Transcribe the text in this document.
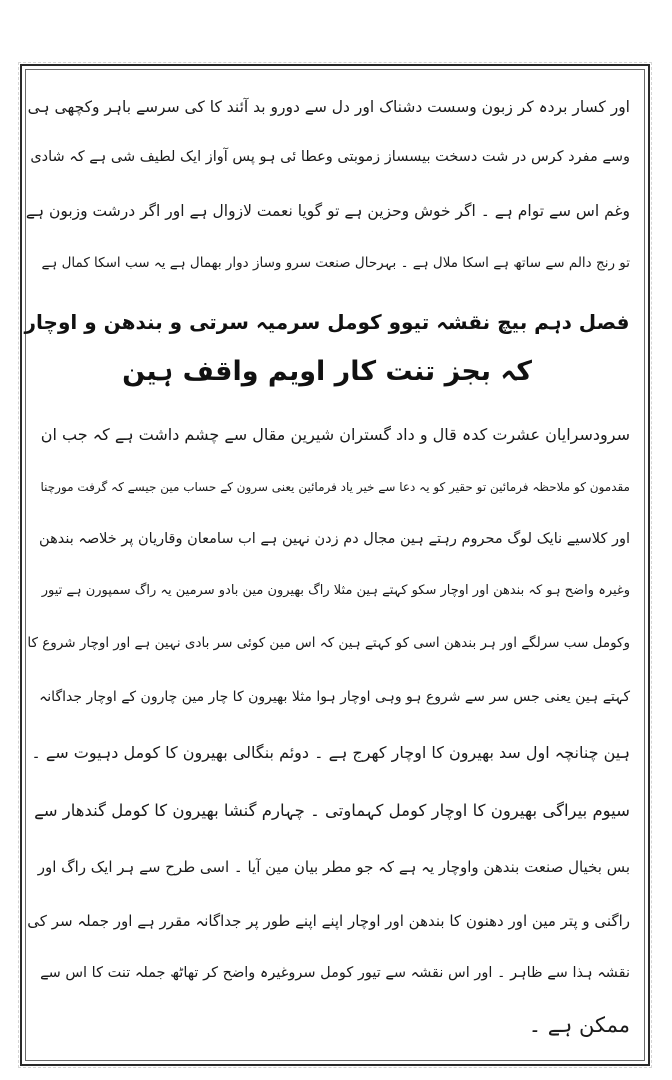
اور کسار بردہ کر زبون وسست دشناک اور دل سے دورو بد آئند کا کی سرسے باہر وکچھی ہی
وسے مفرد کرس در شت دسخت بیسساز زموبتی وعطا ئی ہو پس آواز ایک لطیف شی ہے کہ شادی
وغم اس سے توام ہے ۔ اگر خوش وحزین ہے تو گویا نعمت لازوال ہے اور اگر درشت وزبون ہے
تو رنج دالم سے ساتھ ہے اسکا ملال ہے ۔ بہرحال صنعت سرو وساز دوار بھمال ہے یہ سب اسکا کمال ہے
فصل دہم بیچ نقشہ تیوو کومل سرمیہ سرتی و بندھن و اوچار
کہ بجز تنت کار اویم واقف ہین
سرودسرایان عشرت کدہ قال و داد گستران شیرین مقال سے چشم داشت ہے کہ جب ان
مقدمون کو ملاحظہ فرمائین تو حقیر کو یہ دعا سے خیر یاد فرمائین یعنی سرون کے حساب مین جیسے کہ گرفت مورچنا
اور کلاسیے نایک لوگ محروم رہتے ہین مجال دم زدن نہین ہے اب سامعان وقاریان پر خلاصہ بندھن
وغیرہ واضح ہو کہ بندھن اور اوچار سکو کہتے ہین مثلا راگ بھیرون مین بادو سرمین یہ راگ سمپورن ہے تیور
وکومل سب سرلگے اور ہر بندھن اسی کو کہتے ہین کہ اس مین کوئی سر بادی نہین ہے اور اوچار شروع کا
کہتے ہین یعنی جس سر سے شروع ہو وہی اوچار ہوا مثلا بھیرون کا چار مین چارون کے اوچار جداگانہ
ہین چنانچہ اول سد بھیرون کا اوچار کھرج ہے ۔ دوئم بنگالی بھیرون کا کومل دہیوت سے ۔
سیوم بیراگی بھیرون کا اوچار کومل کہماوتی ۔ چہارم گنشا بھیرون کا کومل گندھار سے
بس بخیال صنعت بندھن واوچار یہ ہے کہ جو مطر بیان مین آیا ۔ اسی طرح سے ہر ایک راگ اور
راگنی و پتر مین اور دھنون کا بندھن اور اوچار اپنے اپنے طور پر جداگانہ مقرر ہے اور جملہ سر کی
نقشہ ہذا سے ظاہر ۔ اور اس نقشہ سے تیور کومل سروغیرہ واضح کر تھاٹھ جملہ تنت کا اس سے
ممکن ہے ۔
